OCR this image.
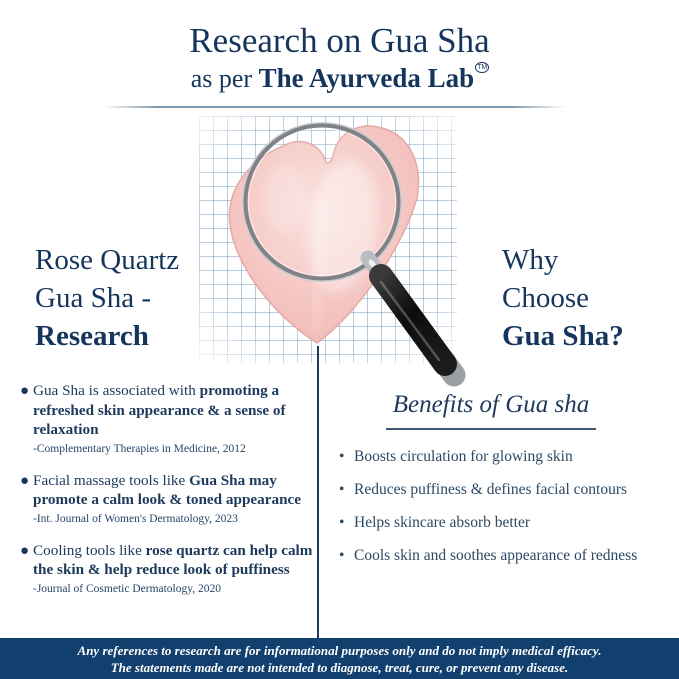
Research on Gua Sha
as per The Ayurveda Lab TM
Rose Quartz
Gua Sha -
Research
Why
Choose
Gua Sha?
● Gua Sha is associated with promoting a refreshed skin appearance & a sense of relaxation
-Complementary Therapies in Medicine, 2012
● Facial massage tools like Gua Sha may promote a calm look & toned appearance
-Int. Journal of Women's Dermatology, 2023
● Cooling tools like rose quartz can help calm the skin & help reduce look of puffiness
-Journal of Cosmetic Dermatology, 2020
Benefits of Gua sha
• Boosts circulation for glowing skin
• Reduces puffiness & defines facial contours
• Helps skincare absorb better
• Cools skin and soothes appearance of redness
Any references to research are for informational purposes only and do not imply medical efficacy.
The statements made are not intended to diagnose, treat, cure, or prevent any disease.
